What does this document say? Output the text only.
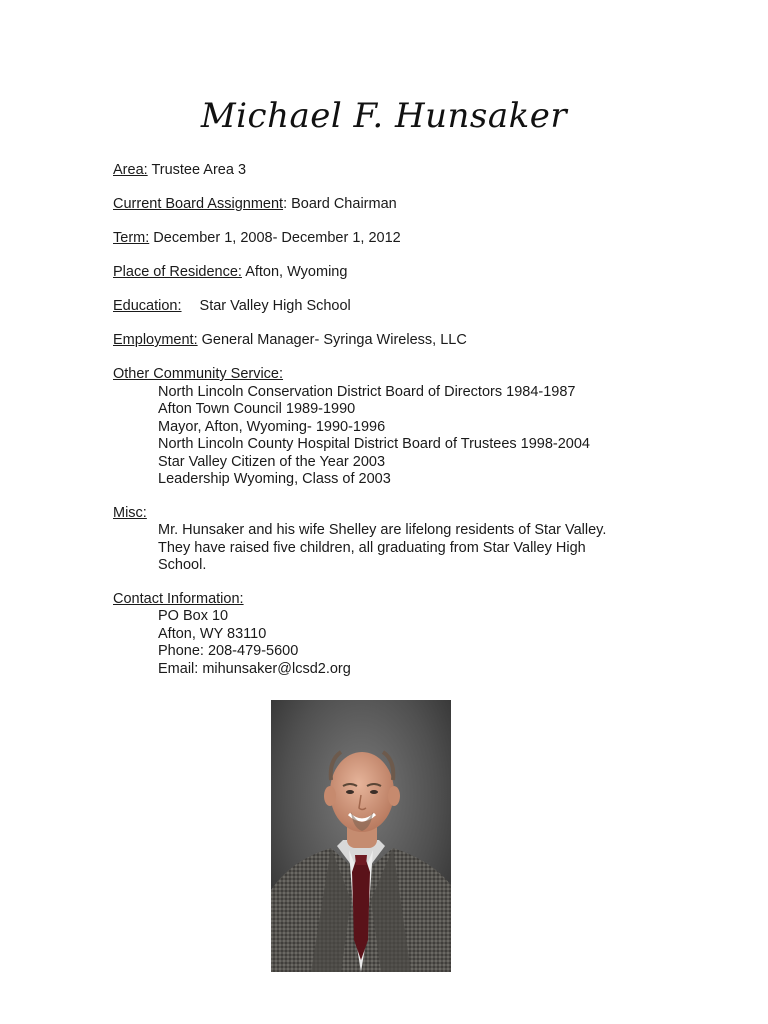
Michael F. Hunsaker
Area: Trustee Area 3
Current Board Assignment: Board Chairman
Term: December 1, 2008- December 1, 2012
Place of Residence: Afton, Wyoming
Education: Star Valley High School
Employment: General Manager- Syringa Wireless, LLC
Other Community Service:
North Lincoln Conservation District Board of Directors 1984-1987
Afton Town Council 1989-1990
Mayor, Afton, Wyoming- 1990-1996
North Lincoln County Hospital District Board of Trustees 1998-2004
Star Valley Citizen of the Year 2003
Leadership Wyoming, Class of 2003
Misc:
Mr. Hunsaker and his wife Shelley are lifelong residents of Star Valley.
They have raised five children, all graduating from Star Valley High
School.
Contact Information:
PO Box 10
Afton, WY 83110
Phone: 208-479-5600
Email: mihunsaker@lcsd2.org
